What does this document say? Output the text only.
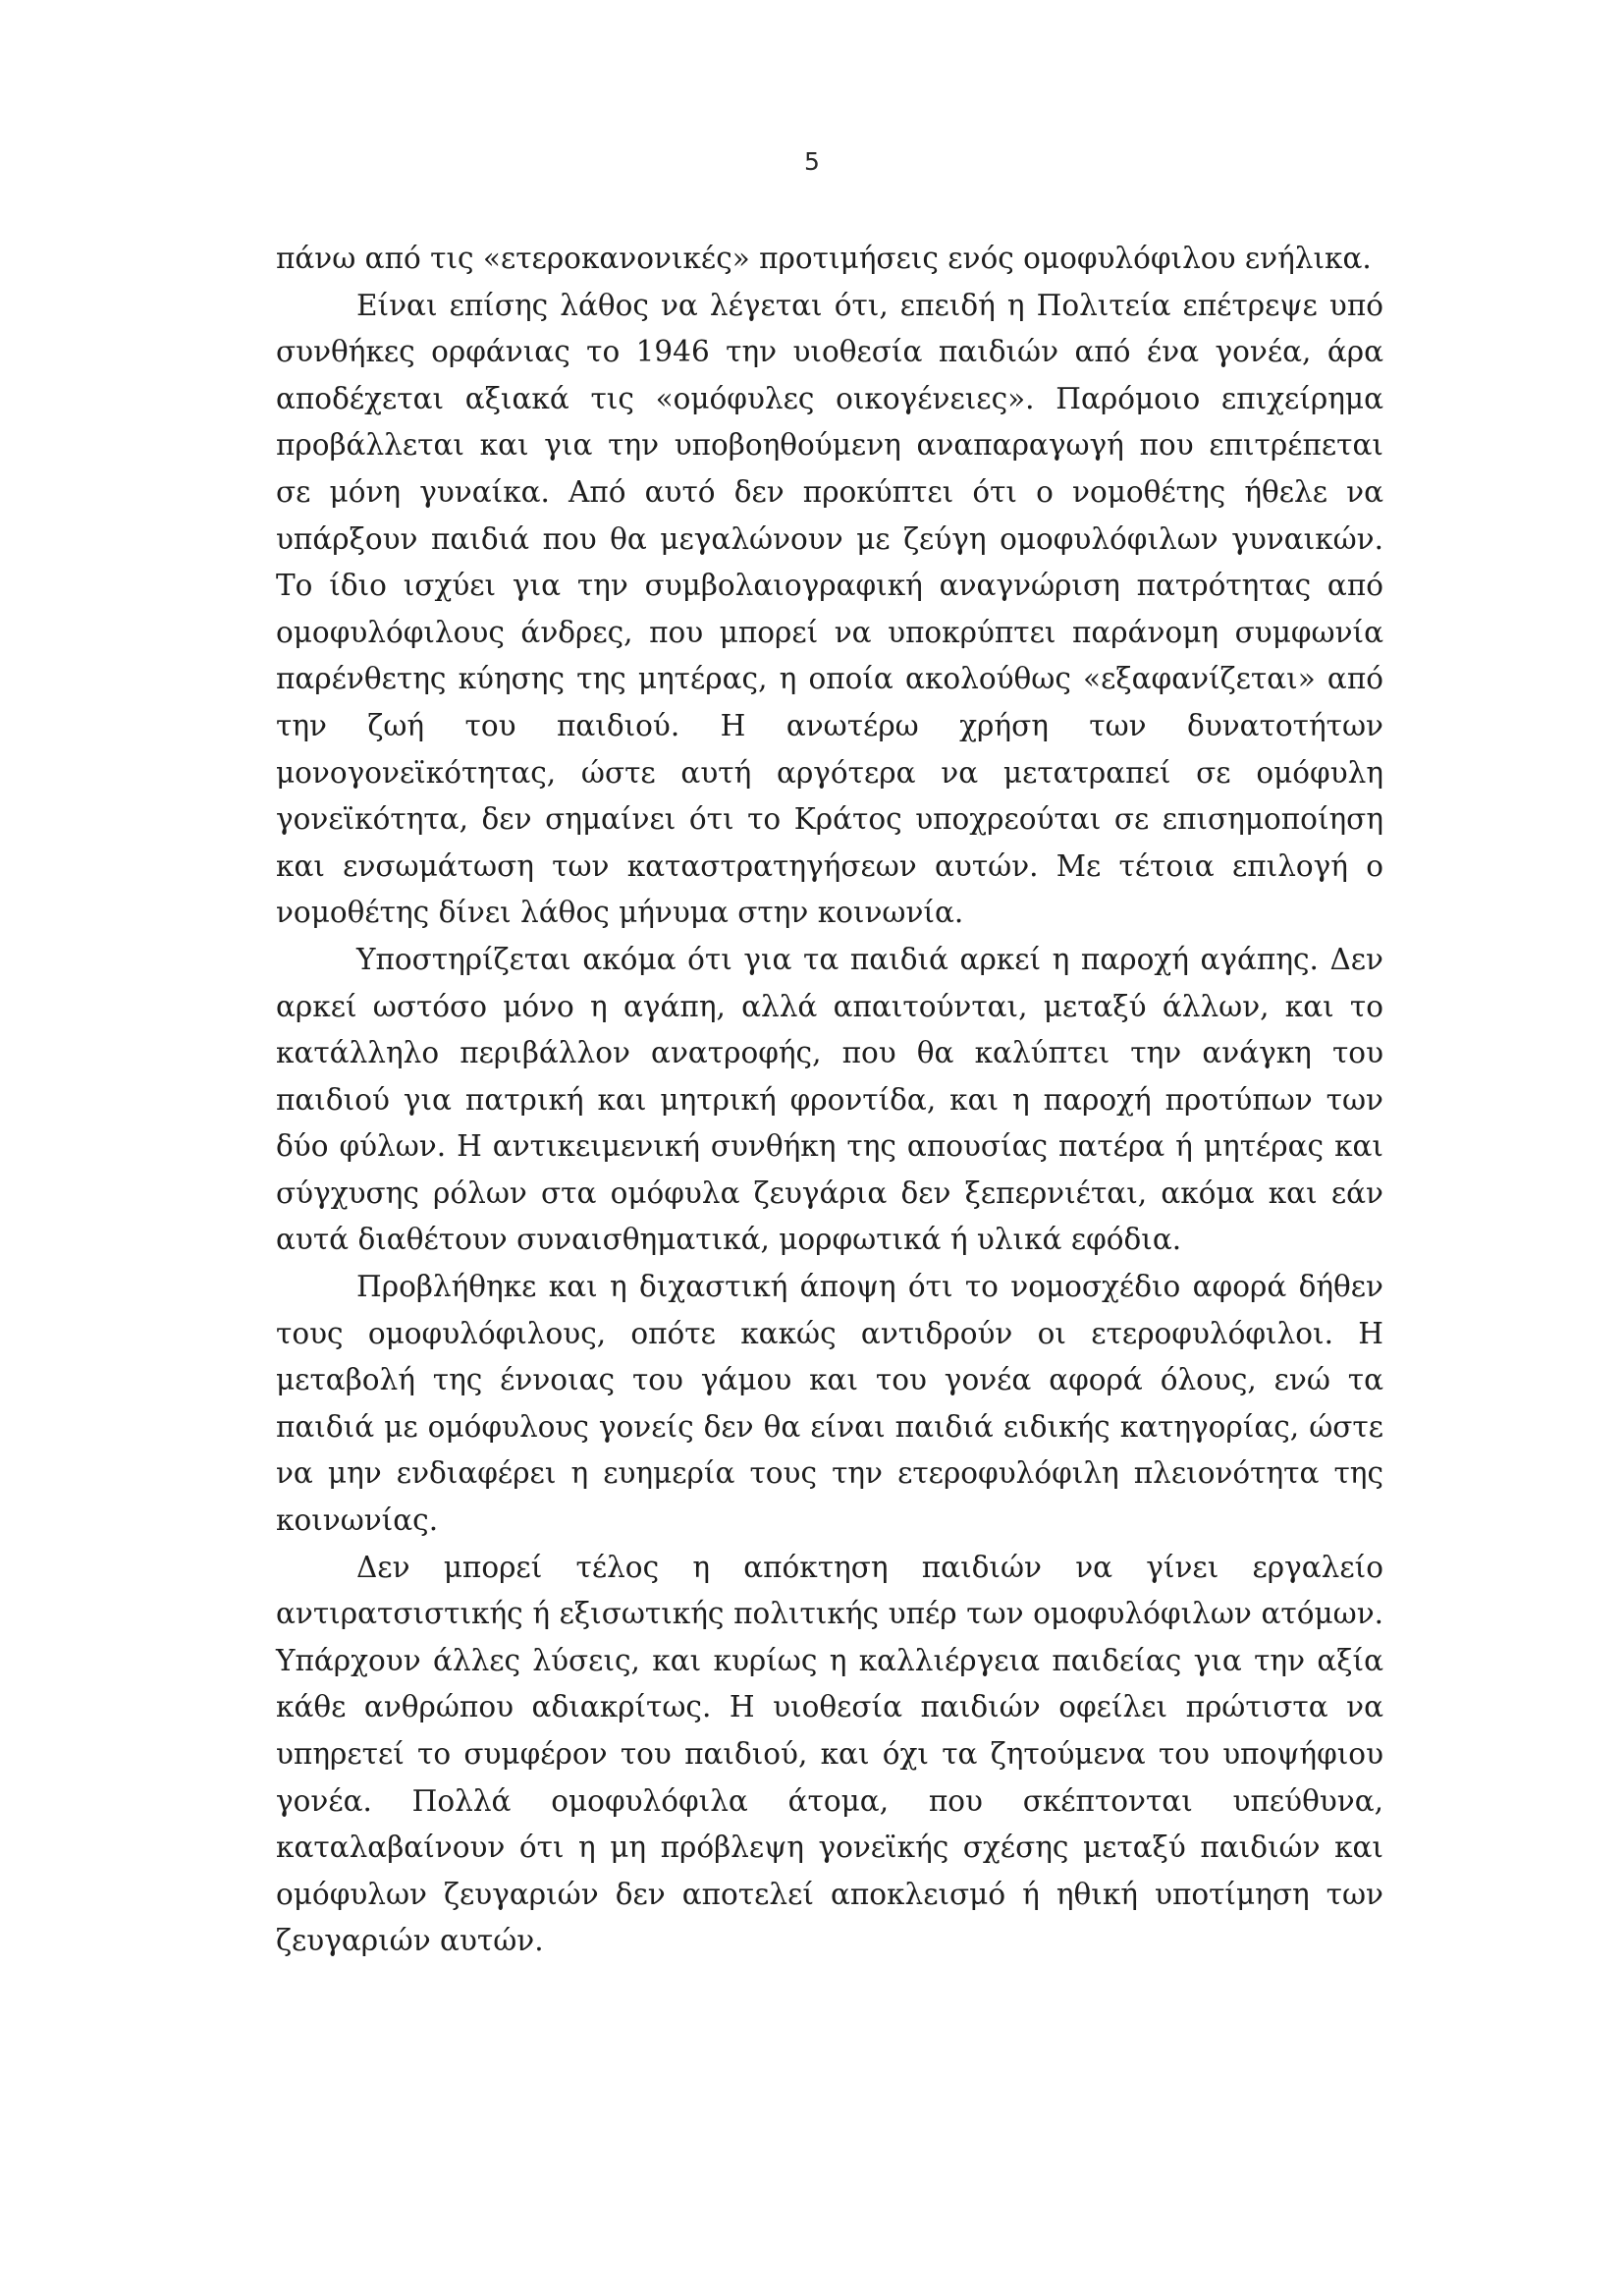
5

πάνω από τις «ετεροκανονικές» προτιμήσεις ενός ομοφυλόφιλου ενήλικα.

Είναι επίσης λάθος να λέγεται ότι, επειδή η Πολιτεία επέτρεψε υπό συνθήκες ορφάνιας το 1946 την υιοθεσία παιδιών από ένα γονέα, άρα αποδέχεται αξιακά τις «ομόφυλες οικογένειες». Παρόμοιο επιχείρημα προβάλλεται και για την υποβοηθούμενη αναπαραγωγή που επιτρέπεται σε μόνη γυναίκα. Από αυτό δεν προκύπτει ότι ο νομοθέτης ήθελε να υπάρξουν παιδιά που θα μεγαλώνουν με ζεύγη ομοφυλόφιλων γυναικών. Το ίδιο ισχύει για την συμβολαιογραφική αναγνώριση πατρότητας από ομοφυλόφιλους άνδρες, που μπορεί να υποκρύπτει παράνομη συμφωνία παρένθετης κύησης της μητέρας, η οποία ακολούθως «εξαφανίζεται» από την ζωή του παιδιού. Η ανωτέρω χρήση των δυνατοτήτων μονογονεϊκότητας, ώστε αυτή αργότερα να μετατραπεί σε ομόφυλη γονεϊκότητα, δεν σημαίνει ότι το Κράτος υποχρεούται σε επισημοποίηση και ενσωμάτωση των καταστρατηγήσεων αυτών. Με τέτοια επιλογή ο νομοθέτης δίνει λάθος μήνυμα στην κοινωνία.

Υποστηρίζεται ακόμα ότι για τα παιδιά αρκεί η παροχή αγάπης. Δεν αρκεί ωστόσο μόνο η αγάπη, αλλά απαιτούνται, μεταξύ άλλων, και το κατάλληλο περιβάλλον ανατροφής, που θα καλύπτει την ανάγκη του παιδιού για πατρική και μητρική φροντίδα, και η παροχή προτύπων των δύο φύλων. Η αντικειμενική συνθήκη της απουσίας πατέρα ή μητέρας και σύγχυσης ρόλων στα ομόφυλα ζευγάρια δεν ξεπερνιέται, ακόμα και εάν αυτά διαθέτουν συναισθηματικά, μορφωτικά ή υλικά εφόδια.

Προβλήθηκε και η διχαστική άποψη ότι το νομοσχέδιο αφορά δήθεν τους ομοφυλόφιλους, οπότε κακώς αντιδρούν οι ετεροφυλόφιλοι. Η μεταβολή της έννοιας του γάμου και του γονέα αφορά όλους, ενώ τα παιδιά με ομόφυλους γονείς δεν θα είναι παιδιά ειδικής κατηγορίας, ώστε να μην ενδιαφέρει η ευημερία τους την ετεροφυλόφιλη πλειονότητα της κοινωνίας.

Δεν μπορεί τέλος η απόκτηση παιδιών να γίνει εργαλείο αντιρατσιστικής ή εξισωτικής πολιτικής υπέρ των ομοφυλόφιλων ατόμων. Υπάρχουν άλλες λύσεις, και κυρίως η καλλιέργεια παιδείας για την αξία κάθε ανθρώπου αδιακρίτως. Η υιοθεσία παιδιών οφείλει πρώτιστα να υπηρετεί το συμφέρον του παιδιού, και όχι τα ζητούμενα του υποψήφιου γονέα. Πολλά ομοφυλόφιλα άτομα, που σκέπτονται υπεύθυνα, καταλαβαίνουν ότι η μη πρόβλεψη γονεϊκής σχέσης μεταξύ παιδιών και ομόφυλων ζευγαριών δεν αποτελεί αποκλεισμό ή ηθική υποτίμηση των ζευγαριών αυτών.
